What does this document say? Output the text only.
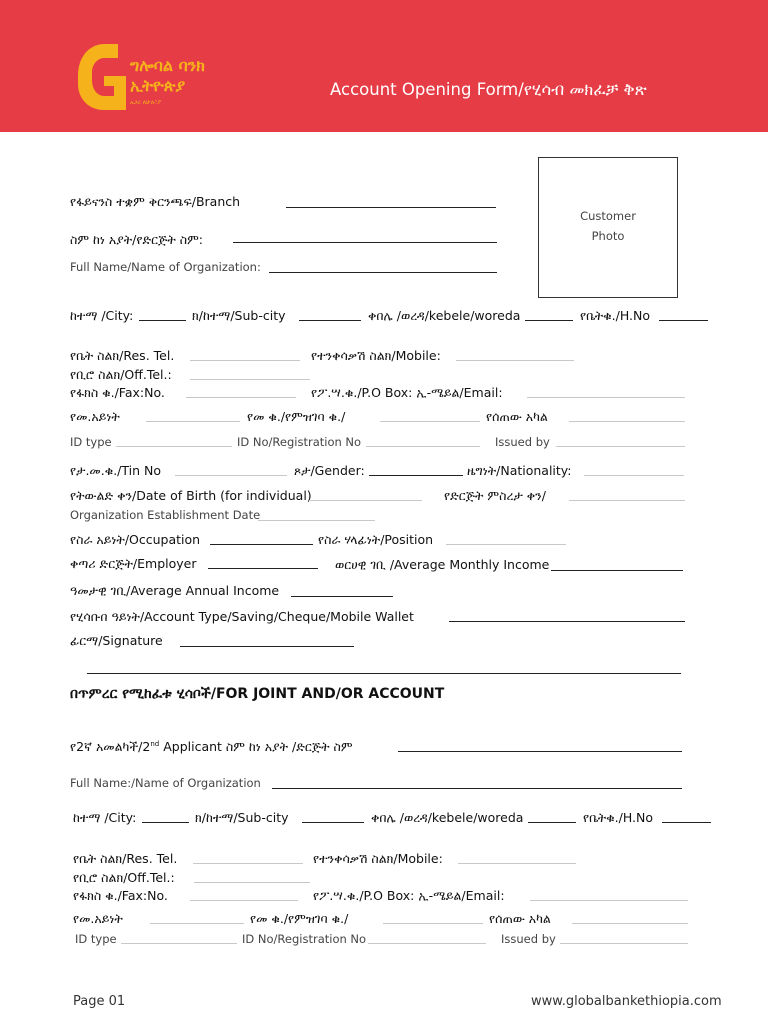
ግሎባል ባንክ
ኢትዮጵያ
አጋሪ ለሁሉ፣ያ
Account Opening Form/የሂሳብ መክፈቻ ቅጽ
Customer
Photo
የፋይናንስ ተቋም ቅርንጫፍ/Branch
ስም ከነ አያት/የድርጅት ስም:
Full Name/Name of Organization:
ከተማ /City:	ክ/ከተማ/Sub-city	ቀበሌ /ወረዳ/kebele/woreda	የቤትቁ./H.No
የቤት ስልክ/Res. Tel.	የተንቀሳቃሽ ስልክ/Mobile:
የቢሮ ስልክ/Off.Tel.:
የፋክስ ቁ./Fax:No.	የፖ.ሣ.ቁ./P.O Box: ኢ-ሜይል/Email:
የመ.አይነት	የመ ቁ./የምዝገባ ቁ./	የሰጠው አካል
ID type	ID No/Registration No	Issued by
የታ.መ.ቁ./Tin No	ጾታ/Gender:	ዜግነት/Nationality:
የትውልድ ቀን/Date of Birth (for individual)	የድርጅት ምስረታ ቀን/
Organization Establishment Date
የስራ አይነት/Occupation	የስራ ሃላፊነት/Position
ቀጣሪ ድርጅት/Employer	ወርሀዊ ገቢ /Average Monthly Income
ዓመታዊ ገቢ/Average Annual Income
የሂሳቡበ ዓይነት/Account Type/Saving/Cheque/Mobile Wallet
ፊርማ/Signature
በጥምረር የሚከፈቱ ሂሳቦች/FOR JOINT AND/OR ACCOUNT
የ2ኛ አመልካች/2nd Applicant ስም ከነ አያት /ድርጅት ስም
Full Name:/Name of Organization
ከተማ /City:	ክ/ከተማ/Sub-city	ቀበሌ /ወረዳ/kebele/woreda	የቤትቁ./H.No
የቤት ስልክ/Res. Tel.	የተንቀሳቃሽ ስልክ/Mobile:
የቢሮ ስልክ/Off.Tel.:
የፋክስ ቁ./Fax:No.	የፖ.ሣ.ቁ./P.O Box: ኢ-ሜይል/Email:
የመ.አይነት	የመ ቁ./የምዝገባ ቁ./	የሰጠው አካል
ID type	ID No/Registration No	Issued by
Page 01	www.globalbankethiopia.com
